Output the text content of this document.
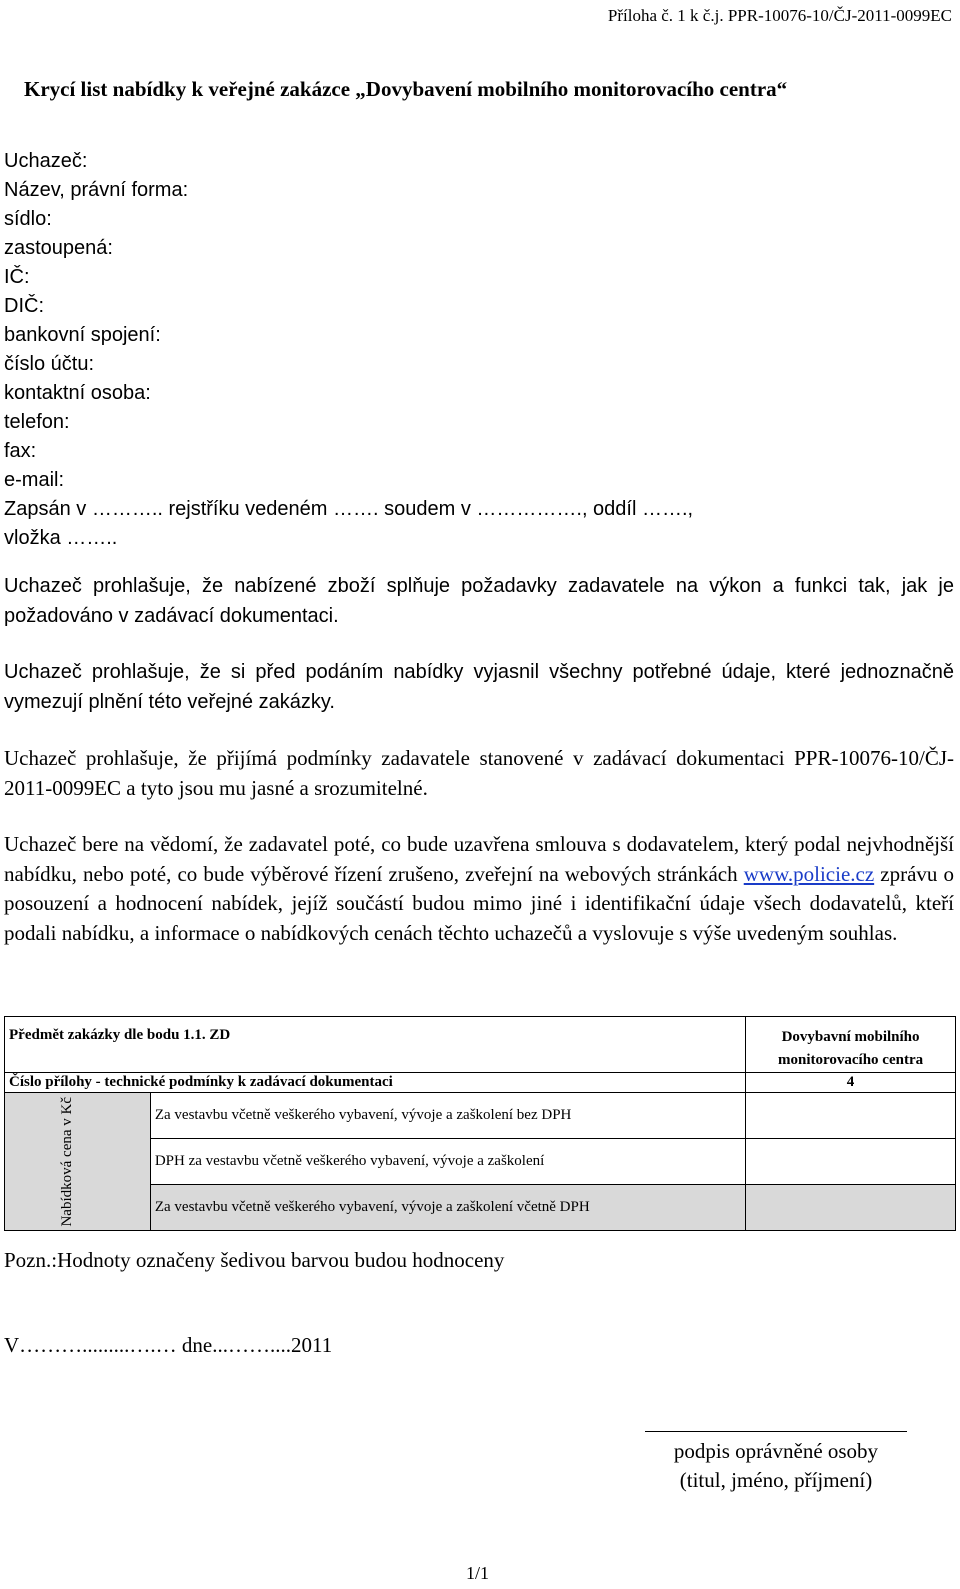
Příloha č. 1 k č.j. PPR-10076-10/ČJ-2011-0099EC
Krycí list nabídky k veřejné zakázce „Dovybavení mobilního monitorovacího centra“
Uchazeč:
Název, právní forma:
sídlo:
zastoupená:
IČ:
DIČ:
bankovní spojení:
číslo účtu:
kontaktní osoba:
telefon:
fax:
e-mail:
Zapsán v ……….. rejstříku vedeném ……. soudem v ……………., oddíl …….,
vložka ……..
Uchazeč prohlašuje, že nabízené zboží splňuje požadavky zadavatele na výkon a funkci tak, jak je požadováno v zadávací dokumentaci.
Uchazeč prohlašuje, že si před podáním nabídky vyjasnil všechny potřebné údaje, které jednoznačně vymezují plnění této veřejné zakázky.
Uchazeč prohlašuje, že přijímá podmínky zadavatele stanovené v zadávací dokumentaci PPR-10076-10/ČJ-2011-0099EC a tyto jsou mu jasné a srozumitelné.
Uchazeč bere na vědomí, že zadavatel poté, co bude uzavřena smlouva s dodavatelem, který podal nejvhodnější nabídku, nebo poté, co bude výběrové řízení zrušeno, zveřejní na webových stránkách www.policie.cz zprávu o posouzení a hodnocení nabídek, jejíž součástí budou mimo jiné i identifikační údaje všech dodavatelů, kteří podali nabídku, a informace o nabídkových cenách těchto uchazečů a vyslovuje s výše uvedeným souhlas.
Předmět zakázky dle bodu 1.1. ZD		Dovybavní mobilního monitorovacího centra
Číslo přílohy - technické podmínky k zadávací dokumentaci		4

Nabídková cena v Kč	Za vestavbu včetně veškerého vybavení, vývoje a zaškolení bez DPH	
	DPH za vestavbu včetně veškerého vybavení, vývoje a zaškolení	
	Za vestavbu včetně veškerého vybavení, vývoje a zaškolení včetně DPH	
Pozn.:Hodnoty označeny šedivou barvou budou hodnoceny
V……….........….… dne...……....2011
podpis oprávněné osoby
(titul, jméno, příjmení)
1/1
